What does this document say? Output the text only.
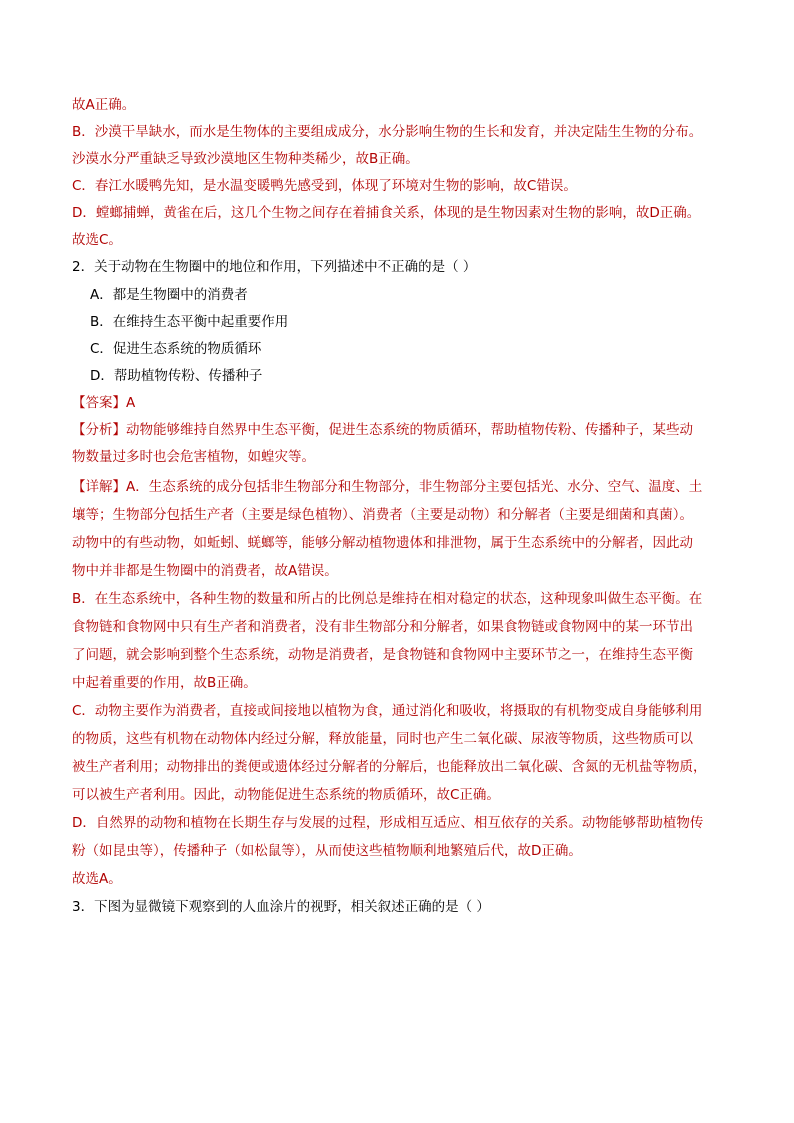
故A正确。
B．沙漠干旱缺水，而水是生物体的主要组成成分，水分影响生物的生长和发育，并决定陆生生物的分布。
沙漠水分严重缺乏导致沙漠地区生物种类稀少，故B正确。
C．春江水暖鸭先知，是水温变暖鸭先感受到，体现了环境对生物的影响，故C错误。
D．螳螂捕蝉，黄雀在后，这几个生物之间存在着捕食关系，体现的是生物因素对生物的影响，故D正确。
故选C。
2．关于动物在生物圈中的地位和作用，下列描述中不正确的是（ ）
A．都是生物圈中的消费者
B．在维持生态平衡中起重要作用
C．促进生态系统的物质循环
D．帮助植物传粉、传播种子
【答案】A
【分析】动物能够维持自然界中生态平衡，促进生态系统的物质循环，帮助植物传粉、传播种子，某些动
物数量过多时也会危害植物，如蝗灾等。
【详解】A．生态系统的成分包括非生物部分和生物部分，非生物部分主要包括光、水分、空气、温度、土
壤等；生物部分包括生产者（主要是绿色植物）、消费者（主要是动物）和分解者（主要是细菌和真菌）。
动物中的有些动物，如蚯蚓、蜣螂等，能够分解动植物遗体和排泄物，属于生态系统中的分解者，因此动
物中并非都是生物圈中的消费者，故A错误。
B．在生态系统中，各种生物的数量和所占的比例总是维持在相对稳定的状态，这种现象叫做生态平衡。在
食物链和食物网中只有生产者和消费者，没有非生物部分和分解者，如果食物链或食物网中的某一环节出
了问题，就会影响到整个生态系统，动物是消费者，是食物链和食物网中主要环节之一，在维持生态平衡
中起着重要的作用，故B正确。
C．动物主要作为消费者，直接或间接地以植物为食，通过消化和吸收，将摄取的有机物变成自身能够利用
的物质，这些有机物在动物体内经过分解，释放能量，同时也产生二氧化碳、尿液等物质，这些物质可以
被生产者利用；动物排出的粪便或遗体经过分解者的分解后，也能释放出二氧化碳、含氮的无机盐等物质，
可以被生产者利用。因此，动物能促进生态系统的物质循环，故C正确。
D．自然界的动物和植物在长期生存与发展的过程，形成相互适应、相互依存的关系。动物能够帮助植物传
粉（如昆虫等），传播种子（如松鼠等），从而使这些植物顺利地繁殖后代，故D正确。
故选A。
3．下图为显微镜下观察到的人血涂片的视野，相关叙述正确的是（ ）
